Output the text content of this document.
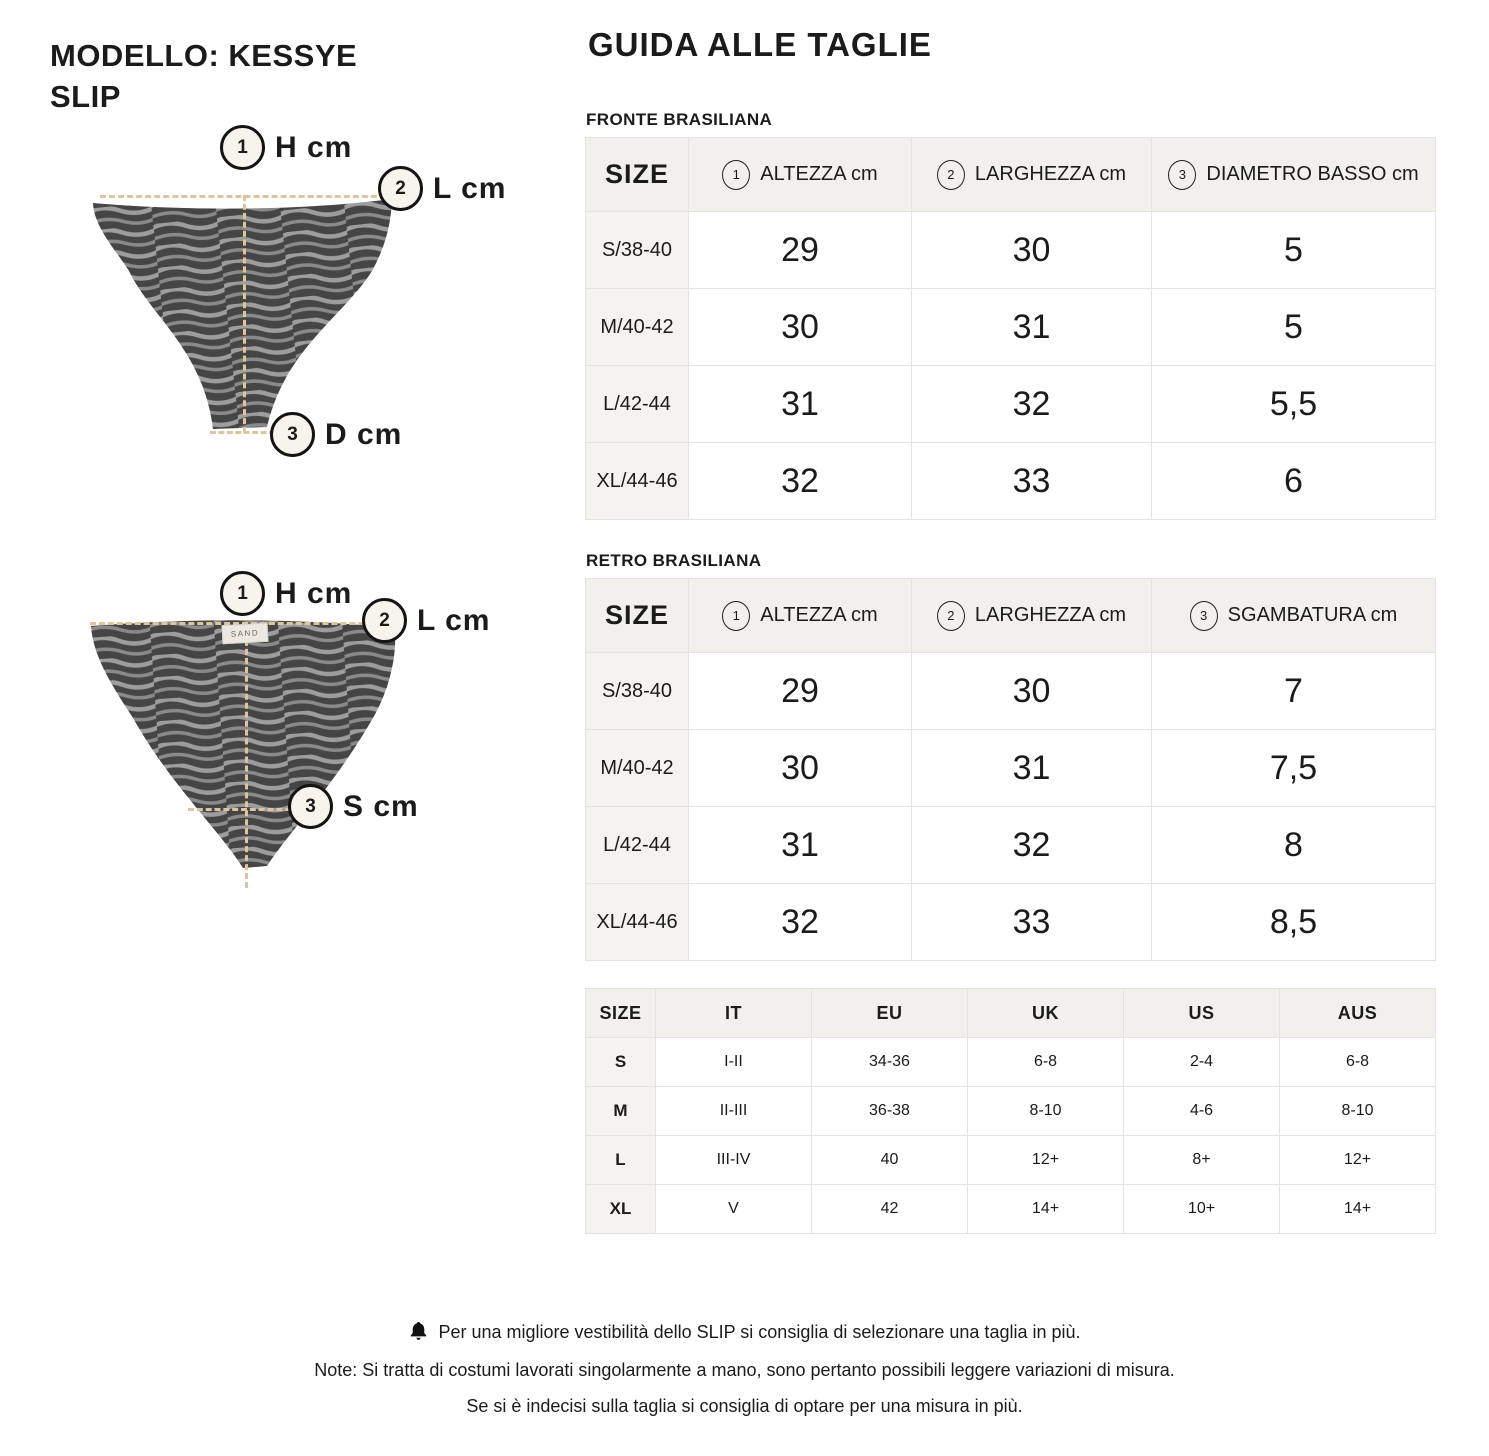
MODELLO: KESSYE SLIP
GUIDA ALLE TAGLIE
1 H cm
2 L cm
3 D cm
SAND
1 H cm
2 L cm
3 S cm
FRONTE BRASILIANA
SIZE	1 ALTEZZA cm	2 LARGHEZZA cm	3 DIAMETRO BASSO cm

S/38-40	29	30	5
M/40-42	30	31	5
L/42-44	31	32	5,5
XL/44-46	32	33	6
RETRO BRASILIANA
SIZE	1 ALTEZZA cm	2 LARGHEZZA cm	3 SGAMBATURA cm

S/38-40	29	30	7
M/40-42	30	31	7,5
L/42-44	31	32	8
XL/44-46	32	33	8,5
SIZE	IT	EU	UK	US	AUS
S	I-II	34-36	6-8	2-4	6-8
M	II-III	36-38	8-10	4-6	8-10
L	III-IV	40	12+	8+	12+
XL	V	42	14+	10+	14+
Per una migliore vestibilità dello SLIP si consiglia di selezionare una taglia in più.
Note: Si tratta di costumi lavorati singolarmente a mano, sono pertanto possibili leggere variazioni di misura.
Se si è indecisi sulla taglia si consiglia di optare per una misura in più.
